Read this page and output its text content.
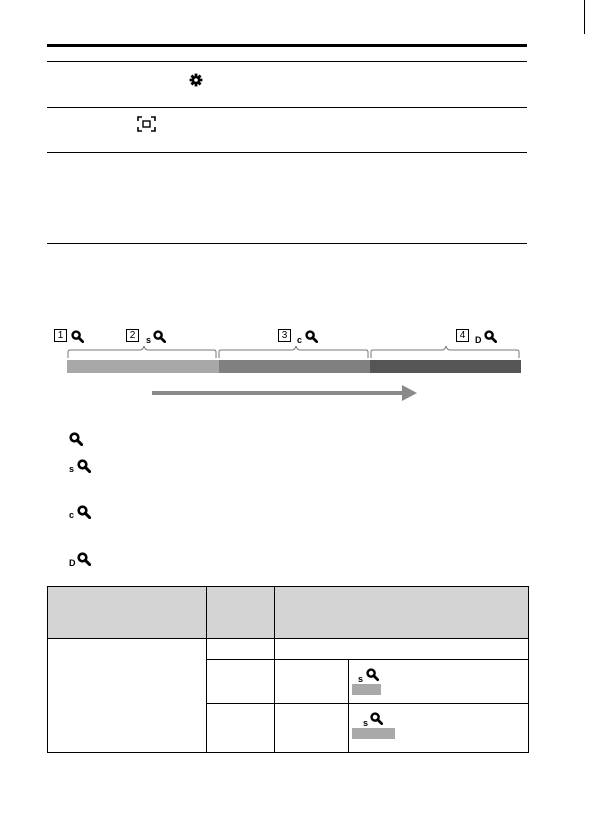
1	2	s	3	c	4	D
s
c
D

			s

			s
